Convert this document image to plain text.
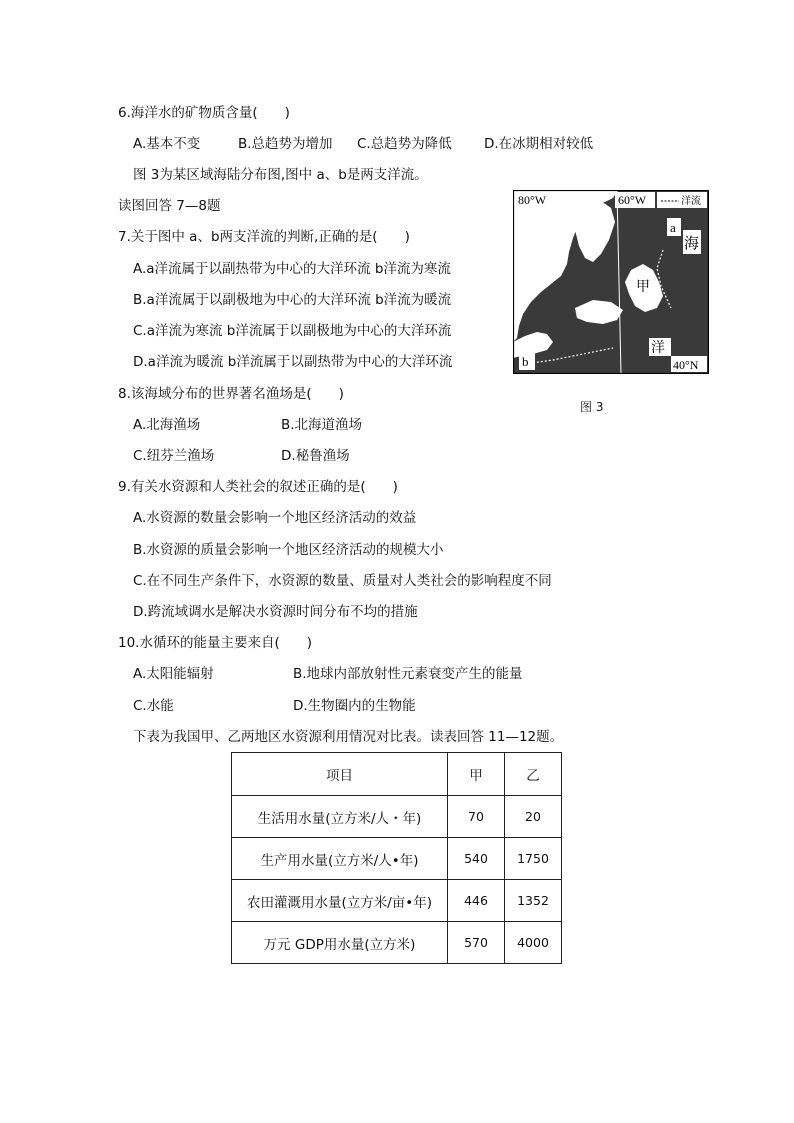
6.海洋水的矿物质含量(　　)
A.基本不变	B.总趋势为增加 C.总趋势为降低 D.在冰期相对较低
图 3为某区域海陆分布图,图中 a、b是两支洋流。
读图回答 7—8题
7.关于图中 a、b两支洋流的判断,正确的是(　　)
A.a洋流属于以副热带为中心的大洋环流 b洋流为寒流
B.a洋流属于以副极地为中心的大洋环流 b洋流为暖流
C.a洋流为寒流 b洋流属于以副极地为中心的大洋环流
D.a洋流为暖流 b洋流属于以副热带为中心的大洋环流
80°W	60°W	洋流
40°N
a
海
甲
洋
b
图 3
8.该海域分布的世界著名渔场是(　　)
A.北海渔场	B.北海道渔场
C.纽芬兰渔场	D.秘鲁渔场
9.有关水资源和人类社会的叙述正确的是(　　)
A.水资源的数量会影响一个地区经济活动的效益
B.水资源的质量会影响一个地区经济活动的规模大小
C.在不同生产条件下，水资源的数量、质量对人类社会的影响程度不同
D.跨流域调水是解决水资源时间分布不均的措施
10.水循环的能量主要来自(　　)
A.太阳能辐射	B.地球内部放射性元素衰变产生的能量
C.水能	D.生物圈内的生物能
下表为我国甲、乙两地区水资源利用情况对比表。读表回答 11—12题。
项目	甲	乙
生活用水量(立方米/人・年)	70	20
生产用水量(立方米/人•年)	540	1750
农田灌溉用水量(立方米/亩•年)	446	1352
万元 GDP用水量(立方米)	570	4000
